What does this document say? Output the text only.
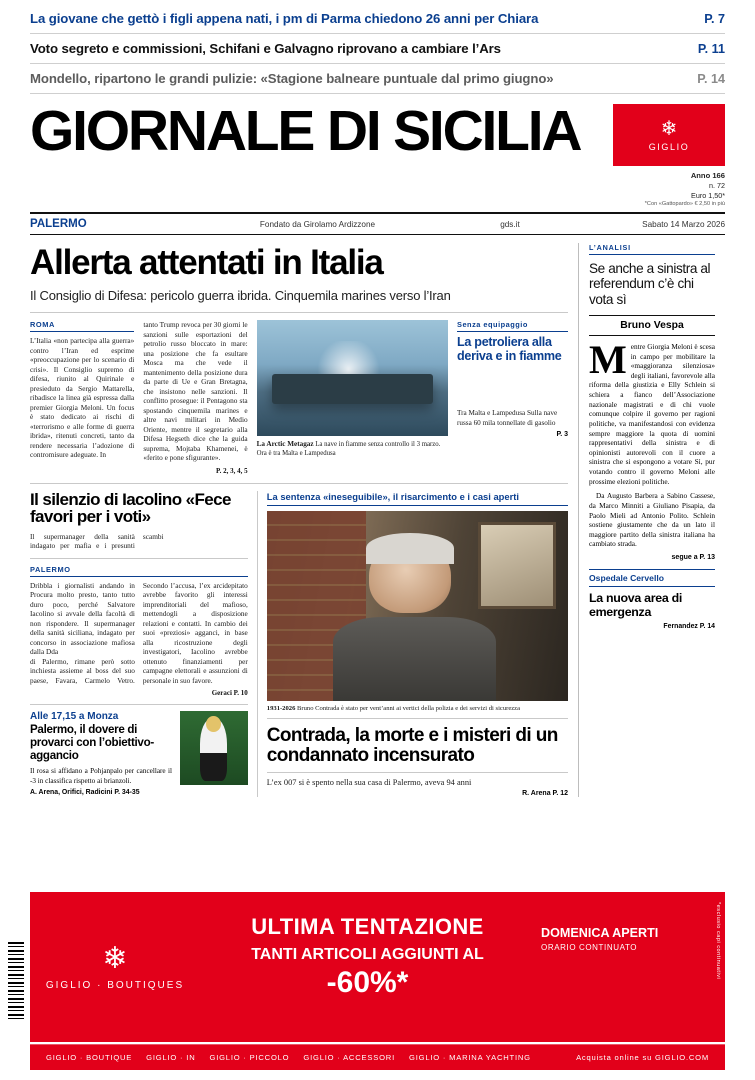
La giovane che gettò i figli appena nati, i pm di Parma chiedono 26 anni per Chiara	P. 7
Voto segreto e commissioni, Schifani e Galvagno riprovano a cambiare l’Ars	P. 11
Mondello, ripartono le grandi pulizie: «Stagione balneare puntuale dal primo giugno»	P. 14
GIORNALE DI SICILIA	❄
GIGLIO
Anno 166
n. 72
Euro 1,50*
*Con «Gattopardo» € 2,50 in più
PALERMO	Fondato da Girolamo Ardizzone	gds.it	Sabato 14 Marzo 2026
Allerta attentati in Italia
Il Consiglio di Difesa: pericolo guerra ibrida. Cinquemila marines verso l’Iran
ROMA
L’Italia «non partecipa alla guerra» contro l’Iran ed esprime «preoccupazione per lo scenario di crisi». Il Consiglio supremo di difesa, riunito al Quirinale e presieduto da Sergio Mattarella, ribadisce la linea già espressa dalla premier Giorgia Meloni. Un focus è stato dedicato ai rischi di «terrorismo e alle forme di guerra ibrida», ritenuti concreti, tanto da rendere necessaria l’adozione di contromisure adeguate. In
tanto Trump revoca per 30 giorni le sanzioni sulle esportazioni del petrolio russo bloccato in mare: una posizione che fa esultare Mosca ma che vede il mantenimento della posizione dura da parte di Ue e Gran Bretagna, che insistono nelle sanzioni. Il conflitto prosegue: il Pentagono sta spostando cinquemila marines e altre navi militari in Medio Oriente, mentre il segretario alla Difesa Hegseth dice che la guida suprema, Mojtaba Khamenei, è «ferito e pone sfigurante».
P. 2, 3, 4, 5
La Arctic Metagaz La nave in fiamme senza controllo il 3 marzo. Ora è tra Malta e Lampedusa
Senza equipaggio
La petroliera alla deriva e in fiamme
Tra Malta e Lampedusa Sulla nave russa 60 mila tonnellate di gasolio
P. 3
Il silenzio di Iacolino «Fece favori per i voti»
Il supermanager della sanità indagato per mafia e i presunti scambi
PALERMO
Dribbla i giornalisti andando in Procura molto presto, tanto tutto duro poco, perché Salvatore Iacolino si avvale della facoltà di non rispondere. Il supermanager della sanità siciliana, indagato per concorso in associazione mafiosa dalla Dda
di Palermo, rimane però sotto inchiesta assieme al boss del suo paese, Favara, Carmelo Vetro. Secondo l’accusa, l’ex arcidepitato avrebbe favorito gli interessi imprenditoriali del mafioso, mettendogli a disposizione relazioni e contatti. In cambio dei suoi «preziosi» agganci, in base alla ricostruzione degli investigatori, Iacolino avrebbe ottenuto finanziamenti per campagne elettorali e assunzioni di personale in suo favore.
Geraci P. 10
Alle 17,15 a Monza
Palermo, il dovere di provarci con l’obiettivo-aggancio
Il rosa si affidano a Pohjanpalo per cancellare il -3 in classifica rispetto ai brianzoli.
A. Arena, Orifici, Radicini P. 34-35
La sentenza «ineseguibile», il risarcimento e i casi aperti
1931-2026 Bruno Contrada è stato per vent’anni ai vertici della polizia e dei servizi di sicurezza
Contrada, la morte e i misteri di un condannato incensurato
L’ex 007 si è spento nella sua casa di Palermo, aveva 94 anni
R. Arena P. 12
L’ANALISI
Se anche a sinistra al referendum c’è chi vota sì
Bruno Vespa
Mentre Giorgia Meloni è scesa in campo per mobilitare la «maggioranza silenziosa» degli italiani, favorevole alla riforma della giustizia e Elly Schlein si schiera a fianco dell’Associazione nazionale magistrati e di chi vuole comunque colpire il governo per ragioni politiche, va manifestandosi con evidenza sempre maggiore la quota di uomini rappresentativi della sinistra e di opinionisti autorevoli con il cuore a sinistra che si espongono a votare Sì, pur votando contro il governo Meloni alle prossime elezioni politiche.
Da Augusto Barbera a Sabino Cassese, da Marco Minniti a Giuliano Pisapia, da Paolo Mieli ad Antonio Polito. Schlein sostiene giustamente che da un lato il maggiore partito della sinistra italiana ha cambiato strada.
segue a P. 13
Ospedale Cervello
La nuova area di emergenza
Fernandez P. 14
❄
GIGLIO · BOUTIQUES
ULTIMA TENTAZIONE
TANTI ARTICOLI AGGIUNTI AL
-60%*
DOMENICA APERTI
ORARIO CONTINUATO	*esclusio capi continuativi
GIGLIO · BOUTIQUE GIGLIO · IN GIGLIO · PICCOLO GIGLIO · ACCESSORI GIGLIO · MARINA YACHTING	Acquista online su GIGLIO.COM
